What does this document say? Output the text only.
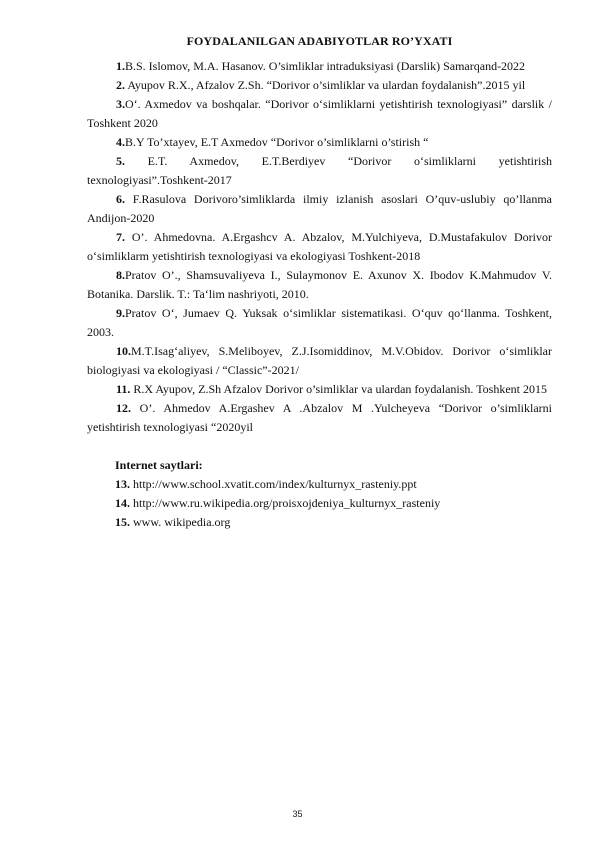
FOYDALANILGAN ADABIYOTLAR RO’YXATI

1.B.S. Islomov, M.A. Hasanov. O’simliklar intraduksiyasi (Darslik) Samarqand-2022

2. Ayupov R.X., Afzalov Z.Sh. “Dorivor o’simliklar va ulardan foydalanish”.2015 yil

3.O‘. Axmedov va boshqalar. “Dorivor o‘simliklarni yetishtirish texnologiyasi” darslik / Toshkent 2020

4.B.Y To’xtayev, E.T Axmedov “Dorivor o’simliklarni o’stirish “

5. E.T. Axmedov, E.T.Berdiyev “Dorivor o‘simliklarni yetishtirish texnologiyasi”.Toshkent-2017

6. F.Rasulova Dorivoro’simliklarda ilmiy izlanish asoslari O’quv-uslubiy qo’llanma Andijon-2020

7. O’. Ahmedovna. A.Ergashcv A. Abzalov, M.Yulchiyeva, D.Mustafakulov Dorivor o‘simliklarm yetishtirish texnologiyasi va ekologiyasi Toshkent-2018

8.Pratov O’., Shamsuvaliyeva I., Sulaymonov E. Axunov X. Ibodov K.Mahmudov V. Botanika. Darslik. T.: Ta‘lim nashriyoti, 2010.

9.Pratov O‘, Jumaev Q. Yuksak o‘simliklar sistematikasi. O‘quv qo‘llanma. Toshkent, 2003.

10.M.T.Isag‘aliyev, S.Meliboyev, Z.J.Isomiddinov, M.V.Obidov. Dorivor o‘simliklar biologiyasi va ekologiyasi / “Classic”-2021/

11. R.X Ayupov, Z.Sh Afzalov Dorivor o’simliklar va ulardan foydalanish. Toshkent 2015

12. O’. Ahmedov A.Ergashev A .Abzalov M .Yulcheyeva “Dorivor o’simliklarni yetishtirish texnologiyasi “2020yil

Internet saytlari:
13. http://www.school.xvatit.com/index/kulturnyx_rasteniy.ppt
14. http://www.ru.wikipedia.org/proisxojdeniya_kulturnyx_rasteniy
15. www. wikipedia.org
35
